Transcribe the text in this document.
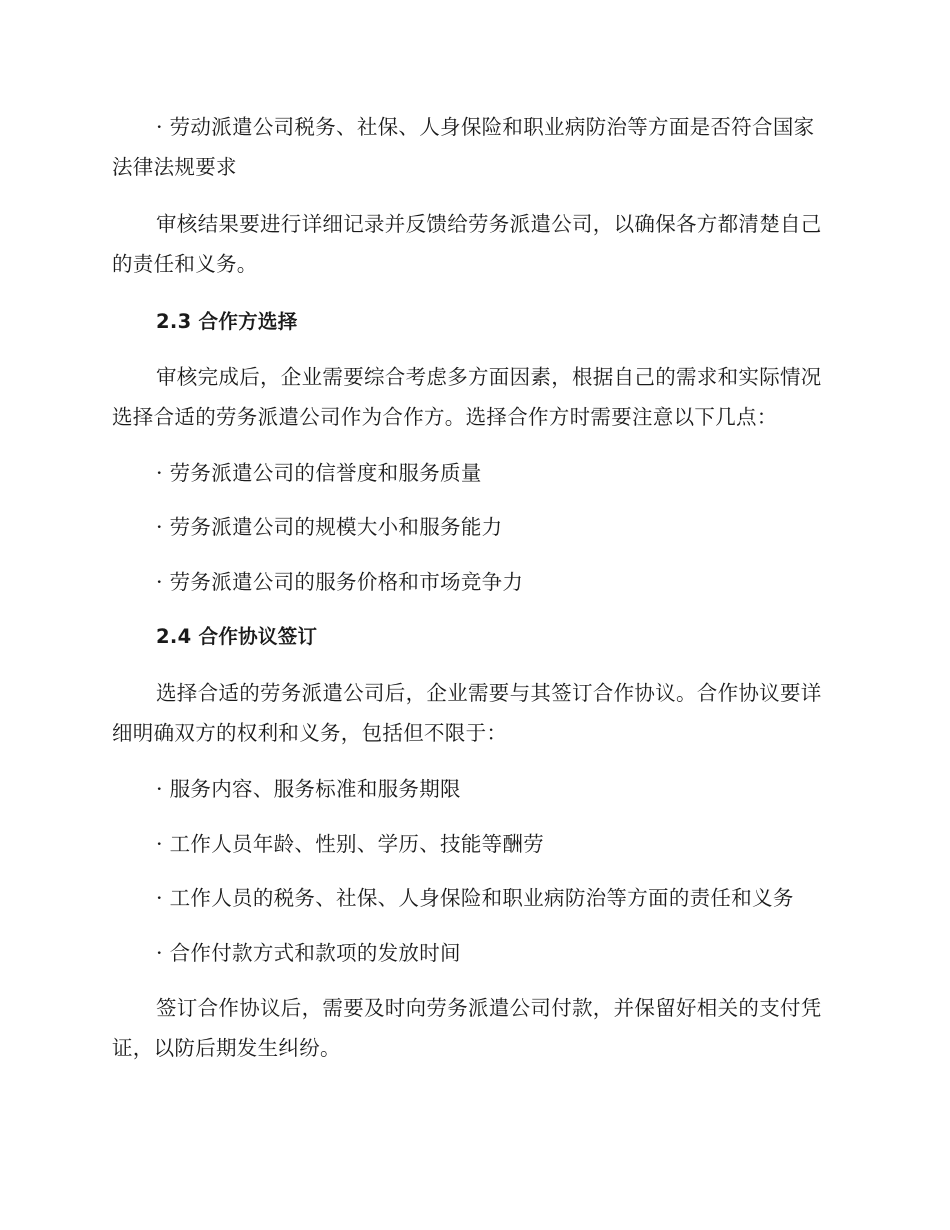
· 劳动派遣公司税务、社保、人身保险和职业病防治等方面是否符合国家法律法规要求

审核结果要进行详细记录并反馈给劳务派遣公司，以确保各方都清楚自己的责任和义务。

2.3 合作方选择

审核完成后，企业需要综合考虑多方面因素，根据自己的需求和实际情况选择合适的劳务派遣公司作为合作方。选择合作方时需要注意以下几点：

· 劳务派遣公司的信誉度和服务质量

· 劳务派遣公司的规模大小和服务能力

· 劳务派遣公司的服务价格和市场竞争力

2.4 合作协议签订

选择合适的劳务派遣公司后，企业需要与其签订合作协议。合作协议要详细明确双方的权利和义务，包括但不限于：

· 服务内容、服务标准和服务期限

· 工作人员年龄、性别、学历、技能等酬劳

· 工作人员的税务、社保、人身保险和职业病防治等方面的责任和义务

· 合作付款方式和款项的发放时间

签订合作协议后，需要及时向劳务派遣公司付款，并保留好相关的支付凭证，以防后期发生纠纷。
